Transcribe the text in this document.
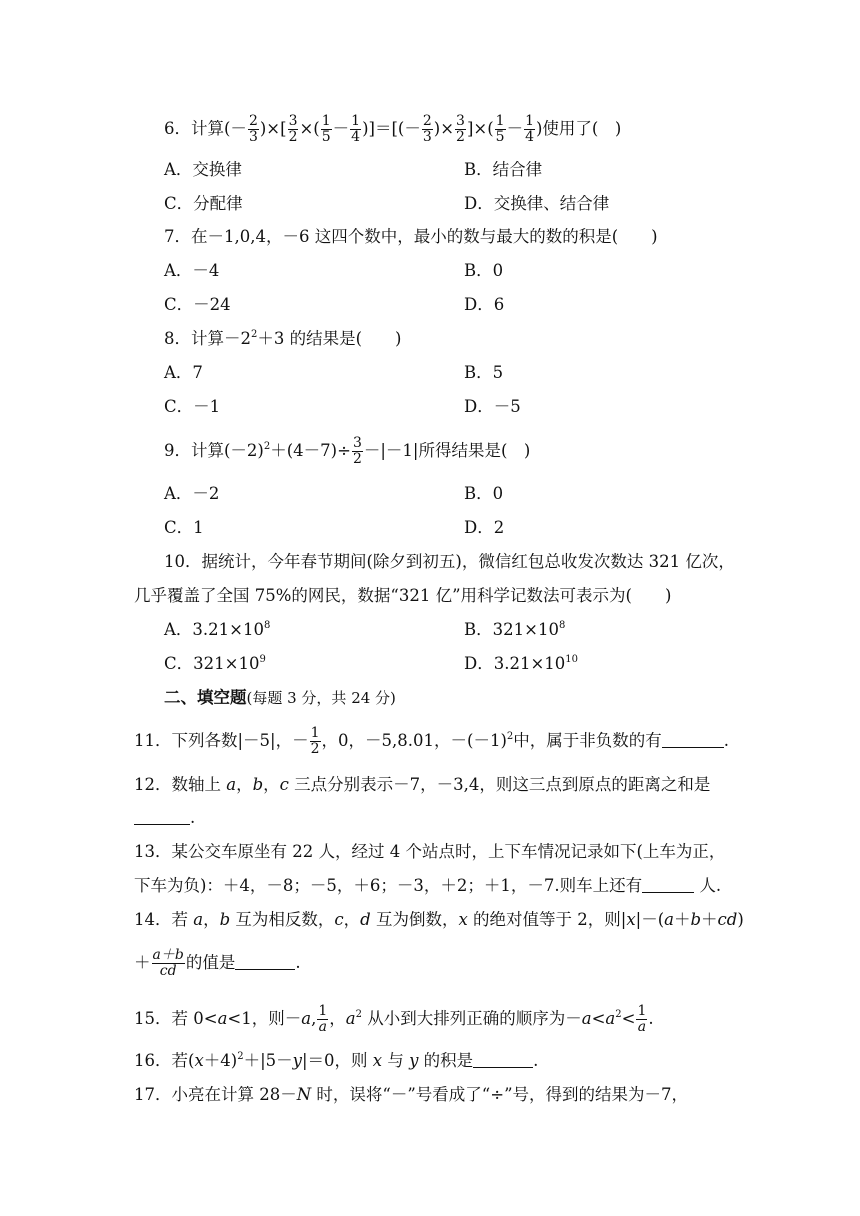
6．计算(－ $\frac{2}{3}$ )×[ $\frac{3}{2}$ ×( $\frac{1}{5} - \frac{1}{4}$ )]＝[(－ $\frac{2}{3}$ )× $\frac{3}{2}$ ]×( $\frac{1}{5} - \frac{1}{4}$ )使用了(　)
A．交换律	B．结合律
C．分配律	D．交换律、结合律
7．在－1,0,4，－6 这四个数中，最小的数与最大的数的积是(　　)
A．－4	B．0
C．－24	D．6
8．计算$-2^2+3$ 的结果是(　　)
A．7	B．5
C．－1	D．－5
9．计算$(-2)^2+(4-7)\div \frac{3}{2} -|-1|$所得结果是(　)
A．－2	B．0
C．1	D．2
10．据统计，今年春节期间(除夕到初五)，微信红包总收发次数达 321 亿次，
几乎覆盖了全国 75%的网民，数据“321 亿”用科学记数法可表示为(　　)
A．$3.21\times 10^8$	B．$321\times 10^8$
C．$321\times 10^9$	D．$3.21\times 10^{10}$
二、填空题(每题 3 分，共 24 分)
11．下列各数|－5|，－ $\frac{1}{2}$ ，0，－5,8.01，$-(-1)^2$中，属于非负数的有	.
12．数轴上 a，b，c 三点分别表示－7，－3,4，则这三点到原点的距离之和是
.
13．某公交车原坐有 22 人，经过 4 个站点时，上下车情况记录如下(上车为正，
下车为负)：＋4，－8；－5，＋6；－3，＋2；＋1，－7.则车上还有	人.
14．若 a，b 互为相反数，c，d 互为倒数，x 的绝对值等于 2，则|x|－(a＋b＋cd)
＋ $\frac{a+b}{cd}$ 的值是	.
15．若 0<a<1，则－a, $\frac{1}{a}$ ，$a^2$ 从小到大排列正确的顺序为$-a<a^2< \frac{1}{a}$ .
16．若$(x+4)^2+|5-y|=0$，则 x 与 y 的积是	.
17．小亮在计算 28－N 时，误将“－”号看成了“÷”号，得到的结果为－7，
